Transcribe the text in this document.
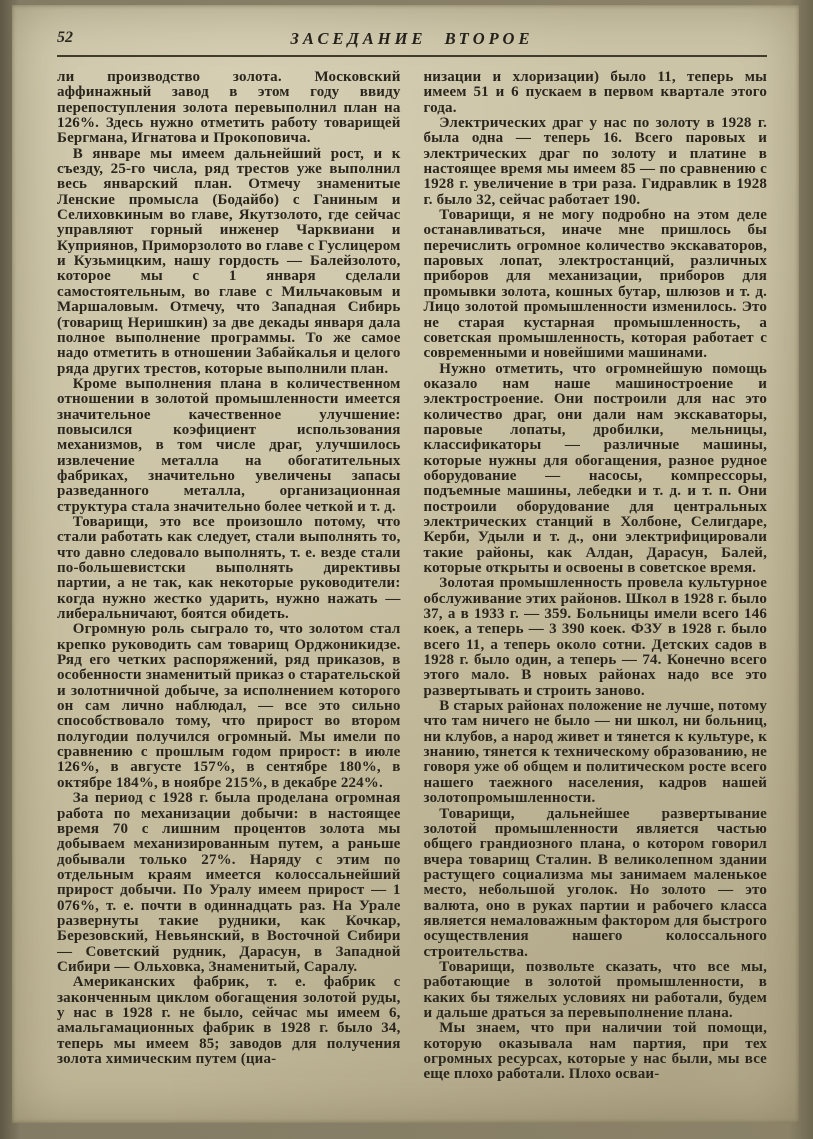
52	ЗАСЕДАНИЕ ВТОРОЕ

ли производство золота. Московский аффинажный завод в этом году ввиду перепоступления золота перевыполнил план на 126%. Здесь нужно отметить работу товарищей Бергмана, Игнатова и Прокоповича.

В январе мы имеем дальнейший рост, и к съезду, 25-го числа, ряд трестов уже выполнил весь январский план. Отмечу знаменитые Ленские промысла (Бодайбо) с Ганиным и Селиховкиным во главе, Якутзолото, где сейчас управляют горный инженер Чарквиани и Куприянов, Приморзолото во главе с Гуслицером и Кузьмицким, нашу гордость — Балейзолото, которое мы с 1 января сделали самостоятельным, во главе с Мильчаковым и Маршаловым. Отмечу, что Западная Сибирь (товарищ Неришкин) за две декады января дала полное выполнение программы. То же самое надо отметить в отношении Забайкалья и целого ряда других трестов, которые выполнили план.

Кроме выполнения плана в количественном отношении в золотой промышленности имеется значительное качественное улучшение: повысился коэфициент использования механизмов, в том числе драг, улучшилось извлечение металла на обогатительных фабриках, значительно увеличены запасы разведанного металла, организационная структура стала значительно более четкой и т. д.

Товарищи, это все произошло потому, что стали работать как следует, стали выполнять то, что давно следовало выполнять, т. е. везде стали по-большевистски выполнять директивы партии, а не так, как некоторые руководители: когда нужно жестко ударить, нужно нажать — либеральничают, боятся обидеть.

Огромную роль сыграло то, что золотом стал крепко руководить сам товарищ Орджоникидзе. Ряд его четких распоряжений, ряд приказов, в особенности знаменитый приказ о старательской и золотничной добыче, за исполнением которого он сам лично наблюдал, — все это сильно способствовало тому, что прирост во втором полугодии получился огромный. Мы имели по сравнению с прошлым годом прирост: в июле 126%, в августе 157%, в сентябре 180%, в октябре 184%, в ноябре 215%, в декабре 224%.

За период с 1928 г. была проделана огромная работа по механизации добычи: в настоящее время 70 с лишним процентов золота мы добываем механизированным путем, а раньше добывали только 27%. Наряду с этим по отдельным краям имеется колоссальнейший прирост добычи. По Уралу имеем прирост — 1 076%, т. е. почти в одиннадцать раз. На Урале развернуты такие рудники, как Кочкар, Березовский, Невьянский, в Восточной Сибири — Советский рудник, Дарасун, в Западной Сибири — Ольховка, Знаменитый, Саралу.

Американских фабрик, т. е. фабрик с законченным циклом обогащения золотой руды, у нас в 1928 г. не было, сейчас мы имеем 6, амальгамационных фабрик в 1928 г. было 34, теперь мы имеем 85; заводов для получения золота химическим путем (циа-

низации и хлоризации) было 11, теперь мы имеем 51 и 6 пускаем в первом квартале этого года.

Электрических драг у нас по золоту в 1928 г. была одна — теперь 16. Всего паровых и электрических драг по золоту и платине в настоящее время мы имеем 85 — по сравнению с 1928 г. увеличение в три раза. Гидравлик в 1928 г. было 32, сейчас работает 190.

Товарищи, я не могу подробно на этом деле останавливаться, иначе мне пришлось бы перечислить огромное количество экскаваторов, паровых лопат, электростанций, различных приборов для механизации, приборов для промывки золота, кошных бутар, шлюзов и т. д. Лицо золотой промышленности изменилось. Это не старая кустарная промышленность, а советская промышленность, которая работает с современными и новейшими машинами.

Нужно отметить, что огромнейшую помощь оказало нам наше машиностроение и электростроение. Они построили для нас это количество драг, они дали нам экскаваторы, паровые лопаты, дробилки, мельницы, классификаторы — различные машины, которые нужны для обогащения, разное рудное оборудование — насосы, компрессоры, подъемные машины, лебедки и т. д. и т. п. Они построили оборудование для центральных электрических станций в Холбоне, Селигдаре, Керби, Удыли и т. д., они электрифицировали такие районы, как Алдан, Дарасун, Балей, которые открыты и освоены в советское время.

Золотая промышленность провела культурное обслуживание этих районов. Школ в 1928 г. было 37, а в 1933 г. — 359. Больницы имели всего 146 коек, а теперь — 3 390 коек. ФЗУ в 1928 г. было всего 11, а теперь около сотни. Детских садов в 1928 г. было один, а теперь — 74. Конечно всего этого мало. В новых районах надо все это развертывать и строить заново.

В старых районах положение не лучше, потому что там ничего не было — ни школ, ни больниц, ни клубов, а народ живет и тянется к культуре, к знанию, тянется к техническому образованию, не говоря уже об общем и политическом росте всего нашего таежного населения, кадров нашей золотопромышленности.

Товарищи, дальнейшее развертывание золотой промышленности является частью общего грандиозного плана, о котором говорил вчера товарищ Сталин. В великолепном здании растущего социализма мы занимаем маленькое место, небольшой уголок. Но золото — это валюта, оно в руках партии и рабочего класса является немаловажным фактором для быстрого осуществления нашего колоссального строительства.

Товарищи, позвольте сказать, что все мы, работающие в золотой промышленности, в каких бы тяжелых условиях ни работали, будем и дальше драться за перевыполнение плана.

Мы знаем, что при наличии той помощи, которую оказывала нам партия, при тех огромных ресурсах, которые у нас были, мы все еще плохо работали. Плохо осваи-
